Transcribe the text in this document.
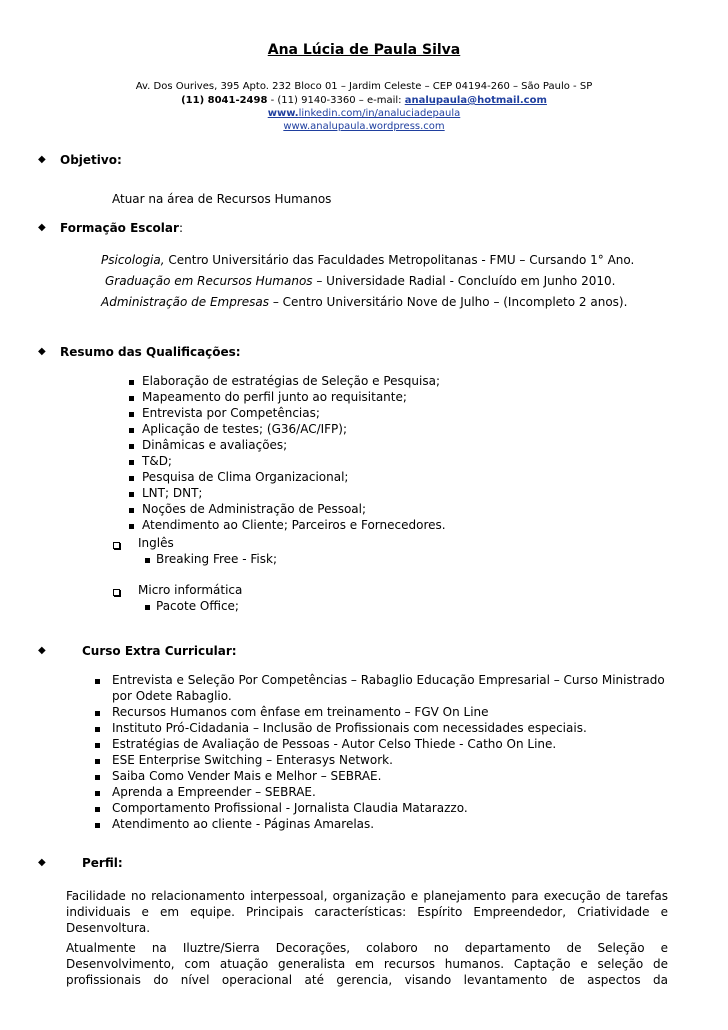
Ana Lúcia de Paula Silva
Av. Dos Ourives, 395 Apto. 232 Bloco 01 – Jardim Celeste – CEP 04194-260 – São Paulo - SP
(11) 8041-2498 - (11) 9140-3360 – e-mail: analupaula@hotmail.com
www.linkedin.com/in/analuciadepaula
www.analupaula.wordpress.com
◆ Objetivo:
Atuar na área de Recursos Humanos
◆ Formação Escolar:
Psicologia, Centro Universitário das Faculdades Metropolitanas - FMU – Cursando 1° Ano.
Graduação em Recursos Humanos – Universidade Radial - Concluído em Junho 2010.
Administração de Empresas – Centro Universitário Nove de Julho – (Incompleto 2 anos).
◆ Resumo das Qualificações:
Elaboração de estratégias de Seleção e Pesquisa;
Mapeamento do perfil junto ao requisitante;
Entrevista por Competências;
Aplicação de testes; (G36/AC/IFP);
Dinâmicas e avaliações;
T&D;
Pesquisa de Clima Organizacional;
LNT; DNT;
Noções de Administração de Pessoal;
Atendimento ao Cliente; Parceiros e Fornecedores.
Inglês
Breaking Free - Fisk;
Micro informática
Pacote Office;
◆	Curso Extra Curricular:
Entrevista e Seleção Por Competências – Rabaglio Educação Empresarial – Curso Ministrado
por Odete Rabaglio.
Recursos Humanos com ênfase em treinamento – FGV On Line
Instituto Pró-Cidadania – Inclusão de Profissionais com necessidades especiais.
Estratégias de Avaliação de Pessoas - Autor Celso Thiede - Catho On Line.
ESE Enterprise Switching – Enterasys Network.
Saiba Como Vender Mais e Melhor – SEBRAE.
Aprenda a Empreender – SEBRAE.
Comportamento Profissional - Jornalista Claudia Matarazzo.
Atendimento ao cliente - Páginas Amarelas.
◆	Perfil:
Facilidade no relacionamento interpessoal, organização e planejamento para execução de tarefas
individuais e em equipe. Principais características: Espírito Empreendedor, Criatividade e
Desenvoltura.
Atualmente na Iluztre/Sierra Decorações, colaboro no departamento de Seleção e
Desenvolvimento, com atuação generalista em recursos humanos. Captação e seleção de
profissionais do nível operacional até gerencia, visando levantamento de aspectos da
